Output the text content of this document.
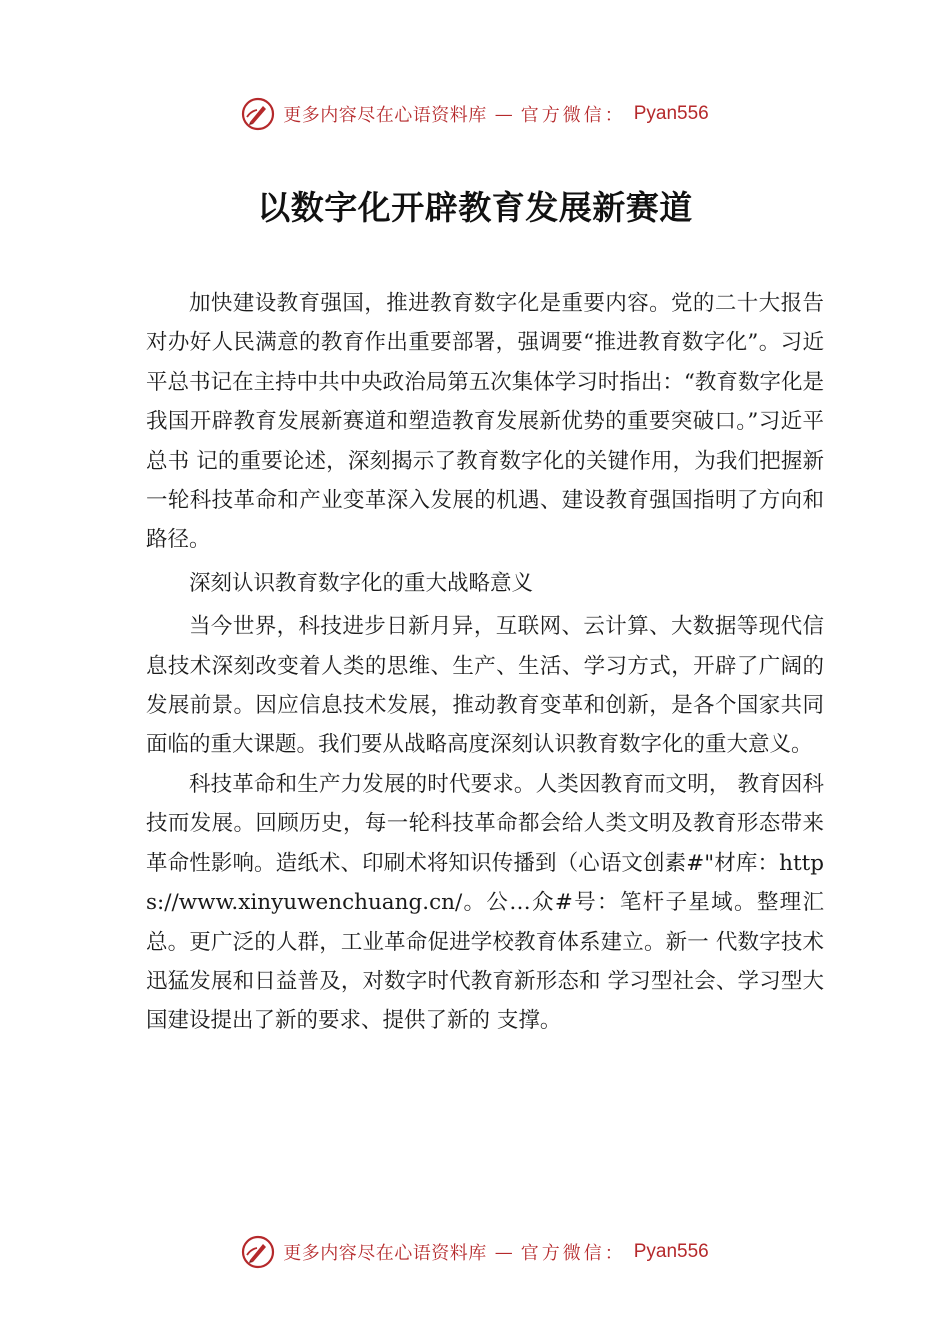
更多内容尽在心语资料库 — 官方微信： Pyan556
以数字化开辟教育发展新赛道

加快建设教育强国，推进教育数字化是重要内容。党的二十大报告对办好人民满意的教育作出重要部署，强调要“推进教育数字化”。习近平总书记在主持中共中央政治局第五次集体学习时指出：“教育数字化是我国开辟教育发展新赛道和塑造教育发展新优势的重要突破口。”习近平总书 记的重要论述，深刻揭示了教育数字化的关键作用，为我们把握新一轮科技革命和产业变革深入发展的机遇、建设教育强国指明了方向和路径。

深刻认识教育数字化的重大战略意义

当今世界，科技进步日新月异，互联网、云计算、大数据等现代信息技术深刻改变着人类的思维、生产、生活、学习方式，开辟了广阔的发展前景。因应信息技术发展，推动教育变革和创新，是各个国家共同面临的重大课题。我们要从战略高度深刻认识教育数字化的重大意义。

科技革命和生产力发展的时代要求。人类因教育而文明， 教育因科技而发展。回顾历史，每一轮科技革命都会给人类文明及教育形态带来革命性影响。造纸术、印刷术将知识传播到（心语文创素#"材库：https://www.xinyuwenchuang.cn/。公…众#号：笔杆子星域。整理汇总。更广泛的人群，工业革命促进学校教育体系建立。新一 代数字技术迅猛发展和日益普及，对数字时代教育新形态和 学习型社会、学习型大国建设提出了新的要求、提供了新的 支撑。

更多内容尽在心语资料库 — 官方微信： Pyan556
